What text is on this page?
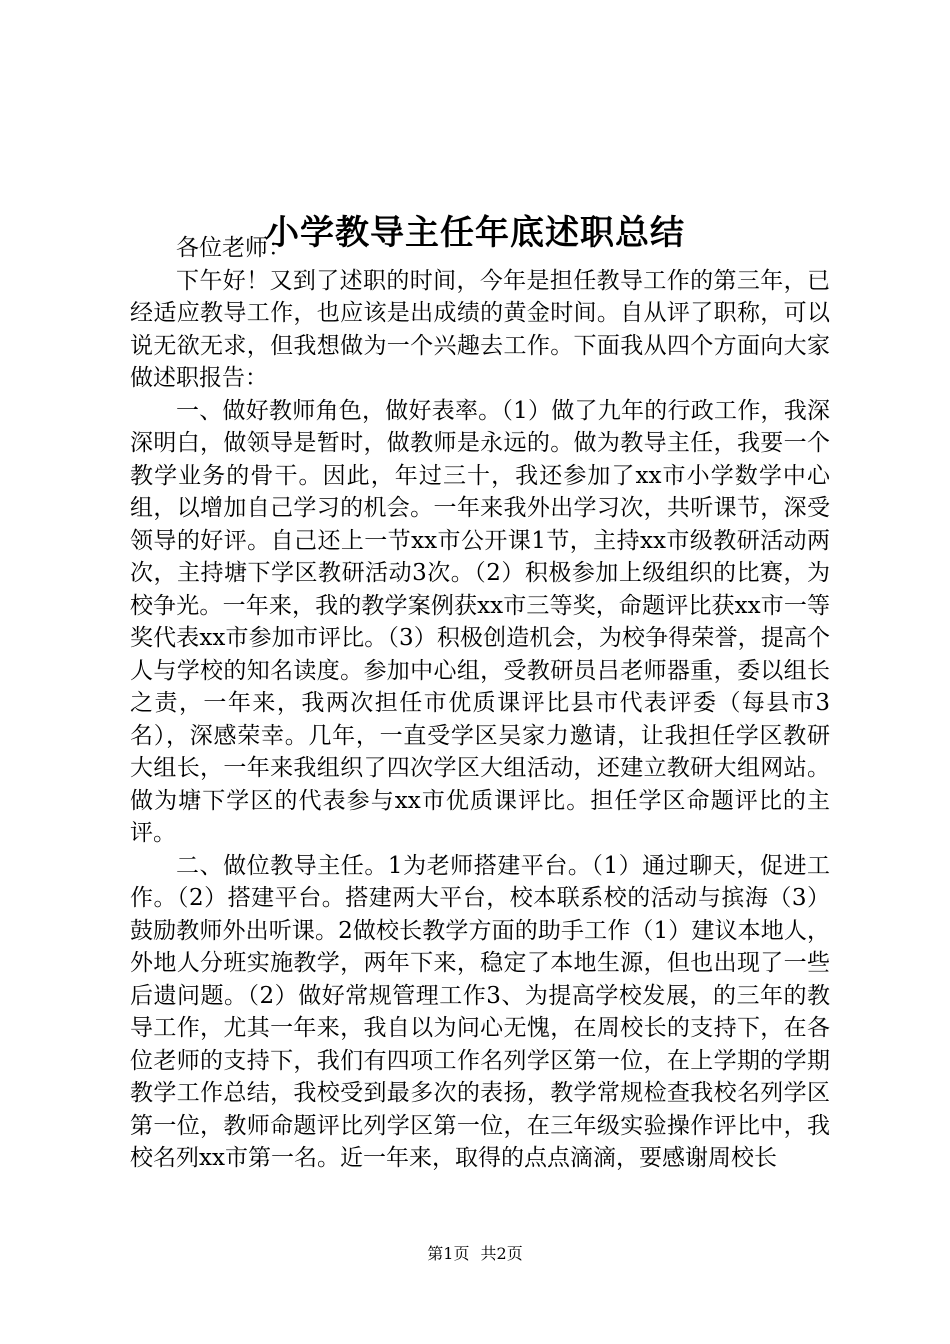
小学教导主任年底述职总结

各位老师：

下午好！又到了述职的时间，今年是担任教导工作的第三年，已经适应教导工作，也应该是出成绩的黄金时间。自从评了职称，可以说无欲无求，但我想做为一个兴趣去工作。下面我从四个方面向大家做述职报告：

一、做好教师角色，做好表率。（1）做了九年的行政工作，我深深明白，做领导是暂时，做教师是永远的。做为教导主任，我要一个教学业务的骨干。因此，年过三十，我还参加了xx市小学数学中心组，以增加自己学习的机会。一年来我外出学习次，共听课节，深受领导的好评。自己还上一节xx市公开课1节，主持xx市级教研活动两次，主持塘下学区教研活动3次。（2）积极参加上级组织的比赛，为校争光。一年来，我的教学案例获xx市三等奖，命题评比获xx市一等奖代表xx市参加市评比。（3）积极创造机会，为校争得荣誉，提高个人与学校的知名读度。参加中心组，受教研员吕老师器重，委以组长之责，一年来，我两次担任市优质课评比县市代表评委（每县市3名），深感荣幸。几年，一直受学区吴家力邀请，让我担任学区教研大组长，一年来我组织了四次学区大组活动，还建立教研大组网站。做为塘下学区的代表参与xx市优质课评比。担任学区命题评比的主评。

二、做位教导主任。1为老师搭建平台。（1）通过聊天，促进工作。（2）搭建平台。搭建两大平台，校本联系校的活动与摈海（3）鼓励教师外出听课。2做校长教学方面的助手工作（1）建议本地人，外地人分班实施教学，两年下来，稳定了本地生源，但也出现了一些后遗问题。（2）做好常规管理工作3、为提高学校发展，的三年的教导工作，尤其一年来，我自以为问心无愧，在周校长的支持下，在各位老师的支持下，我们有四项工作名列学区第一位，在上学期的学期教学工作总结，我校受到最多次的表扬，教学常规检查我校名列学区第一位，教师命题评比列学区第一位，在三年级实验操作评比中，我校名列xx市第一名。近一年来，取得的点点滴滴，要感谢周校长

第1页 共2页
